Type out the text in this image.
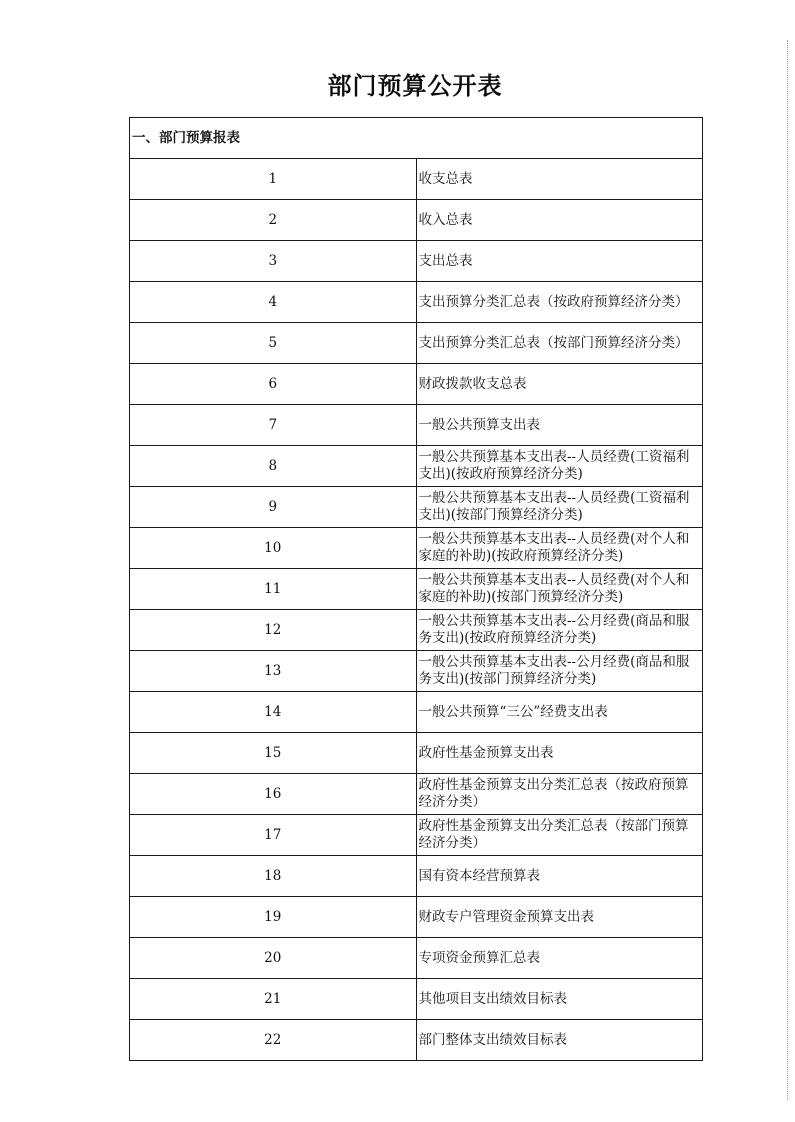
部门预算公开表
一、部门预算报表	
1	收支总表
2	收入总表
3	支出总表
4	支出预算分类汇总表（按政府预算经济分类）
5	支出预算分类汇总表（按部门预算经济分类）
6	财政拨款收支总表
7	一般公共预算支出表
8	一般公共预算基本支出表--人员经费(工资福利支出)(按政府预算经济分类)
9	一般公共预算基本支出表--人员经费(工资福利支出)(按部门预算经济分类)
10	一般公共预算基本支出表--人员经费(对个人和家庭的补助)(按政府预算经济分类)
11	一般公共预算基本支出表--人员经费(对个人和家庭的补助)(按部门预算经济分类)
12	一般公共预算基本支出表--公月经费(商品和服务支出)(按政府预算经济分类)
13	一般公共预算基本支出表--公月经费(商品和服务支出)(按部门预算经济分类)
14	一般公共预算“三公”经费支出表
15	政府性基金预算支出表
16	政府性基金预算支出分类汇总表（按政府预算经济分类）
17	政府性基金预算支出分类汇总表（按部门预算经济分类）
18	国有资本经营预算表
19	财政专户管理资金预算支出表
20	专项资金预算汇总表
21	其他项目支出绩效目标表
22	部门整体支出绩效目标表
